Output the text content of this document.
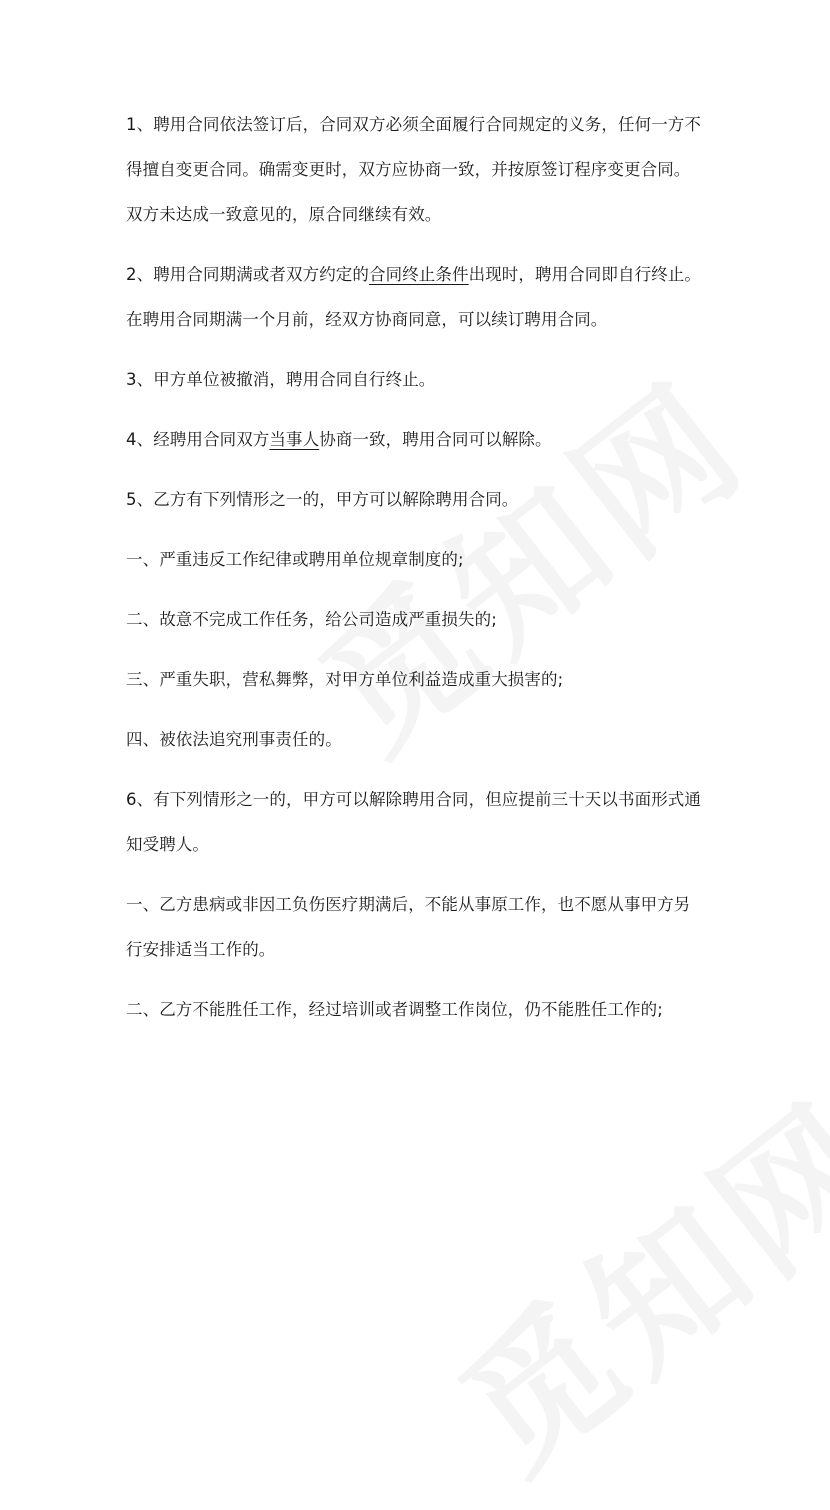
1、聘用合同依法签订后，合同双方必须全面履行合同规定的义务，任何一方不
得擅自变更合同。确需变更时，双方应协商一致，并按原签订程序变更合同。
双方未达成一致意见的，原合同继续有效。

2、聘用合同期满或者双方约定的合同终止条件出现时，聘用合同即自行终止。
在聘用合同期满一个月前，经双方协商同意，可以续订聘用合同。

3、甲方单位被撤消，聘用合同自行终止。

4、经聘用合同双方当事人协商一致，聘用合同可以解除。

5、乙方有下列情形之一的，甲方可以解除聘用合同。

一、严重违反工作纪律或聘用单位规章制度的;

二、故意不完成工作任务，给公司造成严重损失的;

三、严重失职，营私舞弊，对甲方单位利益造成重大损害的;

四、被依法追究刑事责任的。

6、有下列情形之一的，甲方可以解除聘用合同，但应提前三十天以书面形式通
知受聘人。

一、乙方患病或非因工负伤医疗期满后，不能从事原工作，也不愿从事甲方另
行安排适当工作的。

二、乙方不能胜任工作，经过培训或者调整工作岗位，仍不能胜任工作的;
